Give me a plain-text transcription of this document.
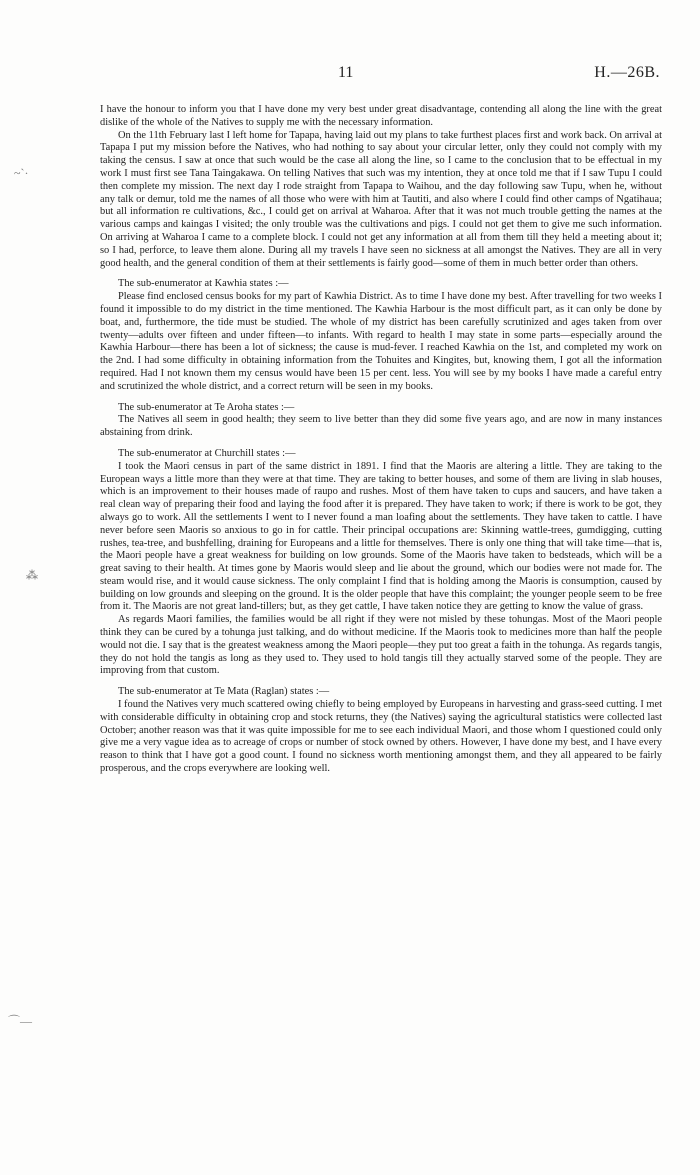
11	H.—26B.
~`·
⁂
⌒—

I have the honour to inform you that I have done my very best under great disadvantage, contending all along the line with the great dislike of the whole of the Natives to supply me with the necessary information.

On the 11th February last I left home for Tapapa, having laid out my plans to take furthest places first and work back. On arrival at Tapapa I put my mission before the Natives, who had nothing to say about your circular letter, only they could not comply with my taking the census. I saw at once that such would be the case all along the line, so I came to the conclusion that to be effectual in my work I must first see Tana Taingakawa. On telling Natives that such was my intention, they at once told me that if I saw Tupu I could then complete my mission. The next day I rode straight from Tapapa to Waihou, and the day following saw Tupu, when he, without any talk or demur, told me the names of all those who were with him at Tautiti, and also where I could find other camps of Ngatihaua; but all information re cultivations, &c., I could get on arrival at Waharoa. After that it was not much trouble getting the names at the various camps and kaingas I visited; the only trouble was the cultivations and pigs. I could not get them to give me such information. On arriving at Waharoa I came to a complete block. I could not get any information at all from them till they held a meeting about it; so I had, perforce, to leave them alone. During all my travels I have seen no sickness at all amongst the Natives. They are all in very good health, and the general condition of them at their settlements is fairly good—some of them in much better order than others.

The sub-enumerator at Kawhia states :—

Please find enclosed census books for my part of Kawhia District. As to time I have done my best. After travelling for two weeks I found it impossible to do my district in the time mentioned. The Kawhia Harbour is the most difficult part, as it can only be done by boat, and, furthermore, the tide must be studied. The whole of my district has been carefully scrutinized and ages taken from over twenty—adults over fifteen and under fifteen—to infants. With regard to health I may state in some parts—especially around the Kawhia Harbour—there has been a lot of sickness; the cause is mud-fever. I reached Kawhia on the 1st, and completed my work on the 2nd. I had some difficulty in obtaining information from the Tohuites and Kingites, but, knowing them, I got all the information required. Had I not known them my census would have been 15 per cent. less. You will see by my books I have made a careful entry and scrutinized the whole district, and a correct return will be seen in my books.

The sub-enumerator at Te Aroha states :—

The Natives all seem in good health; they seem to live better than they did some five years ago, and are now in many instances abstaining from drink.

The sub-enumerator at Churchill states :—

I took the Maori census in part of the same district in 1891. I find that the Maoris are altering a little. They are taking to the European ways a little more than they were at that time. They are taking to better houses, and some of them are living in slab houses, which is an improvement to their houses made of raupo and rushes. Most of them have taken to cups and saucers, and have taken a real clean way of preparing their food and laying the food after it is prepared. They have taken to work; if there is work to be got, they always go to work. All the settlements I went to I never found a man loafing about the settlements. They have taken to cattle. I have never before seen Maoris so anxious to go in for cattle. Their principal occupations are: Skinning wattle-trees, gumdigging, cutting rushes, tea-tree, and bushfelling, draining for Europeans and a little for themselves. There is only one thing that will take time—that is, the Maori people have a great weakness for building on low grounds. Some of the Maoris have taken to bedsteads, which will be a great saving to their health. At times gone by Maoris would sleep and lie about the ground, which our bodies were not made for. The steam would rise, and it would cause sickness. The only complaint I find that is holding among the Maoris is consumption, caused by building on low grounds and sleeping on the ground. It is the older people that have this complaint; the younger people seem to be free from it. The Maoris are not great land-tillers; but, as they get cattle, I have taken notice they are getting to know the value of grass.

As regards Maori families, the families would be all right if they were not misled by these tohungas. Most of the Maori people think they can be cured by a tohunga just talking, and do without medicine. If the Maoris took to medicines more than half the people would not die. I say that is the greatest weakness among the Maori people—they put too great a faith in the tohunga. As regards tangis, they do not hold the tangis as long as they used to. They used to hold tangis till they actually starved some of the people. They are improving from that custom.

The sub-enumerator at Te Mata (Raglan) states :—

I found the Natives very much scattered owing chiefly to being employed by Europeans in harvesting and grass-seed cutting. I met with considerable difficulty in obtaining crop and stock returns, they (the Natives) saying the agricultural statistics were collected last October; another reason was that it was quite impossible for me to see each individual Maori, and those whom I questioned could only give me a very vague idea as to acreage of crops or number of stock owned by others. However, I have done my best, and I have every reason to think that I have got a good count. I found no sickness worth mentioning amongst them, and they all appeared to be fairly prosperous, and the crops everywhere are looking well.
